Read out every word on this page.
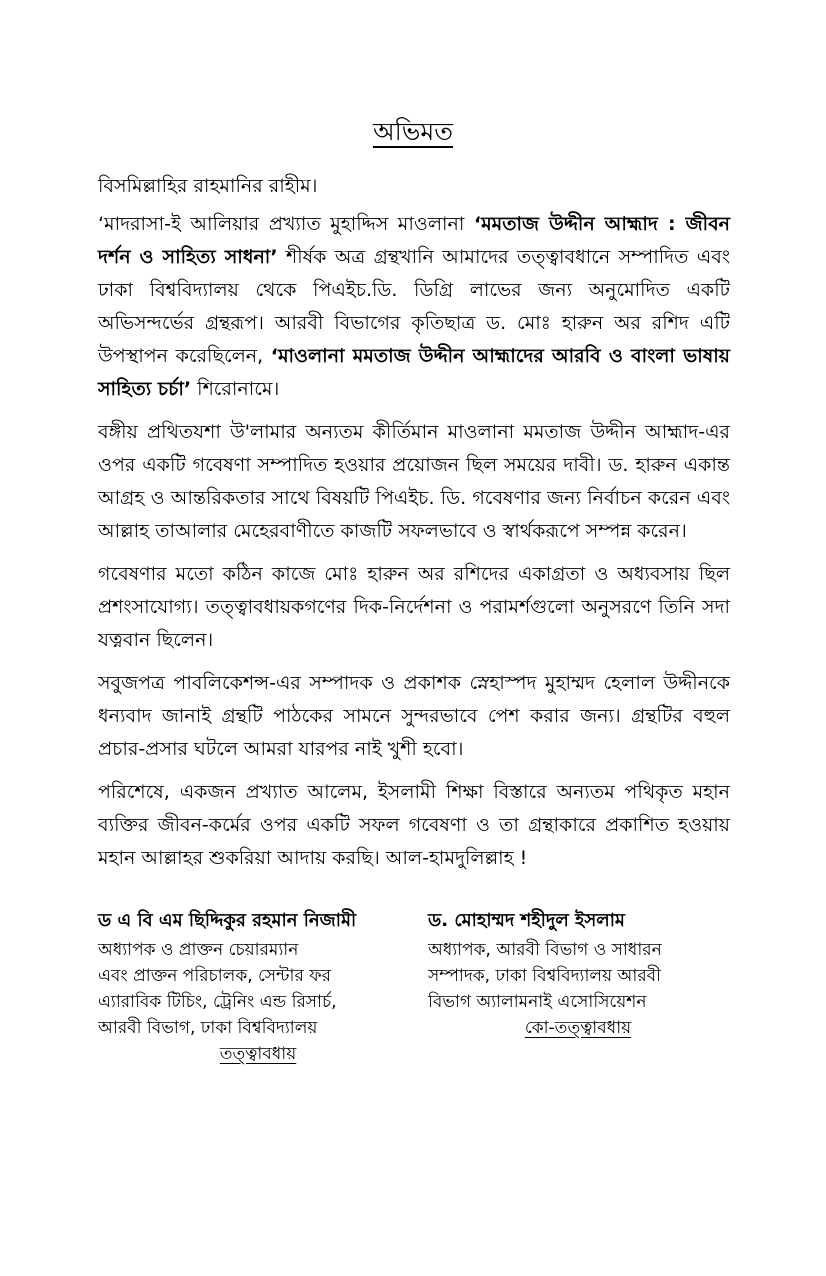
অভিমত
বিসমিল্লাহির রাহমানির রাহীম।

‘মাদরাসা-ই আলিয়ার প্রখ্যাত মুহাদ্দিস মাওলানা ‘মমতাজ উদ্দীন আহ্মাদ : জীবন দর্শন ও সাহিত্য সাধনা’ শীর্ষক অত্র গ্রন্থখানি আমাদের তত্ত্বাবধানে সম্পাদিত এবং ঢাকা বিশ্ববিদ্যালয় থেকে পিএইচ.ডি. ডিগ্রি লাভের জন্য অনুমোদিত একটি অভিসন্দর্ভের গ্রন্থরূপ। আরবী বিভাগের কৃতিছাত্র ড. মোঃ হারুন অর রশিদ এটি উপস্থাপন করেছিলেন, ‘মাওলানা মমতাজ উদ্দীন আহ্মাদের আরবি ও বাংলা ভাষায় সাহিত্য চর্চা’ শিরোনামে।

বঙ্গীয় প্রথিতযশা উ'লামার অন্যতম কীর্তিমান মাওলানা মমতাজ উদ্দীন আহ্মাদ-এর ওপর একটি গবেষণা সম্পাদিত হওয়ার প্রয়োজন ছিল সময়ের দাবী। ড. হারুন একান্ত আগ্রহ ও আন্তরিকতার সাথে বিষয়টি পিএইচ. ডি. গবেষণার জন্য নির্বাচন করেন এবং আল্লাহ তাআলার মেহেরবাণীতে কাজটি সফলভাবে ও স্বার্থকরূপে সম্পন্ন করেন।

গবেষণার মতো কঠিন কাজে মোঃ হারুন অর রশিদের একাগ্রতা ও অধ্যবসায় ছিল প্রশংসাযোগ্য। তত্ত্বাবধায়কগণের দিক-নির্দেশনা ও পরামর্শগুলো অনুসরণে তিনি সদা যত্নবান ছিলেন।

সবুজপত্র পাবলিকেশন্স-এর সম্পাদক ও প্রকাশক স্নেহাস্পদ মুহাম্মদ হেলাল উদ্দীনকে ধন্যবাদ জানাই গ্রন্থটি পাঠকের সামনে সুন্দরভাবে পেশ করার জন্য। গ্রন্থটির বহুল প্রচার-প্রসার ঘটলে আমরা যারপর নাই খুশী হবো।

পরিশেষে, একজন প্রখ্যাত আলেম, ইসলামী শিক্ষা বিস্তারে অন্যতম পথিকৃত মহান ব্যক্তির জীবন-কর্মের ওপর একটি সফল গবেষণা ও তা গ্রন্থাকারে প্রকাশিত হওয়ায় মহান আল্লাহর শুকরিয়া আদায় করছি। আল-হামদুলিল্লাহ !

ড এ বি এম ছিদ্দিকুর রহমান নিজামী
অধ্যাপক ও প্রাক্তন চেয়ারম্যান
এবং প্রাক্তন পরিচালক, সেন্টার ফর
এ্যারাবিক টিচিং, ট্রেনিং এন্ড রিসার্চ,
আরবী বিভাগ, ঢাকা বিশ্ববিদ্যালয়
তত্ত্বাবধায়
ড. মোহাম্মদ শহীদুল ইসলাম
অধ্যাপক, আরবী বিভাগ ও সাধারন
সম্পাদক, ঢাকা বিশ্ববিদ্যালয় আরবী
বিভাগ অ্যালামনাই এসোসিয়েশন
কো-তত্ত্বাবধায়
